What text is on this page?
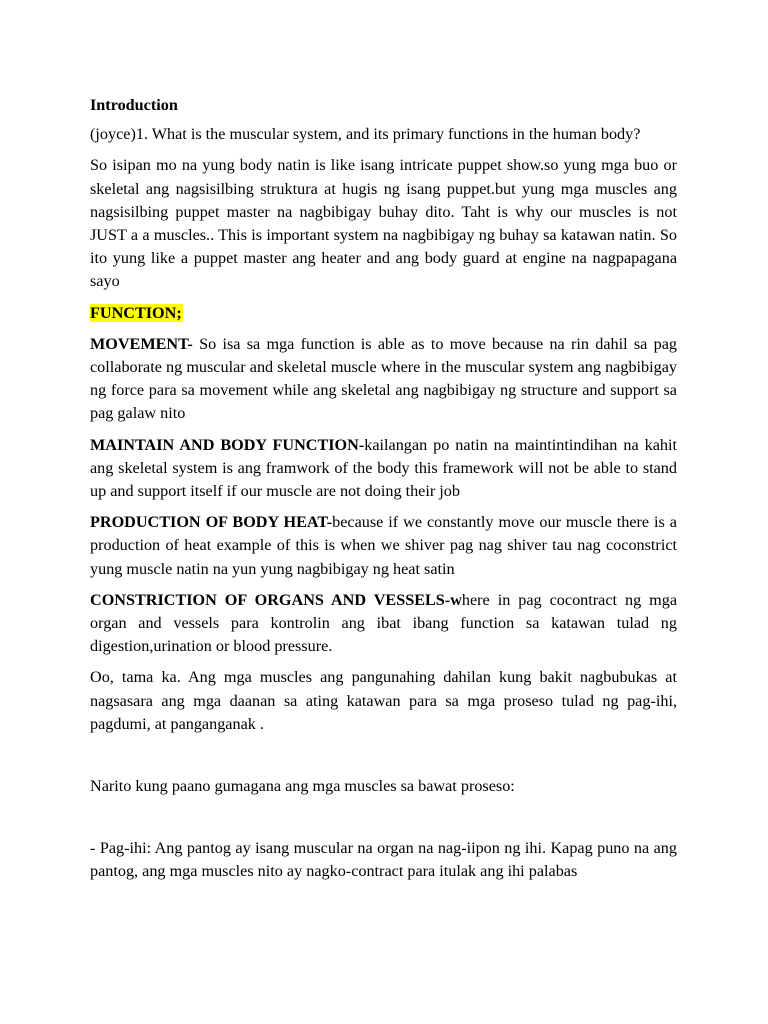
Introduction

(joyce)1. What is the muscular system, and its primary functions in the human body?

So isipan mo na yung body natin is like isang intricate puppet show.so yung mga buo or skeletal ang nagsisilbing struktura at hugis ng isang puppet.but yung mga muscles ang nagsisilbing puppet master na nagbibigay buhay dito. Taht is why our muscles is not JUST a a muscles.. This is important system na nagbibigay ng buhay sa katawan natin. So ito yung like a puppet master ang heater and ang body guard at engine na nagpapagana sayo

FUNCTION;

MOVEMENT- So isa sa mga function is able as to move because na rin dahil sa pag collaborate ng muscular and skeletal muscle where in the muscular system ang nagbibigay ng force para sa movement while ang skeletal ang nagbibigay ng structure and support sa pag galaw nito

MAINTAIN AND BODY FUNCTION-kailangan po natin na maintintindihan na kahit ang skeletal system is ang framwork of the body this framework will not be able to stand up and support itself if our muscle are not doing their job

PRODUCTION OF BODY HEAT-because if we constantly move our muscle there is a production of heat example of this is when we shiver pag nag shiver tau nag coconstrict yung muscle natin na yun yung nagbibigay ng heat satin

CONSTRICTION OF ORGANS AND VESSELS-where in pag cocontract ng mga organ and vessels para kontrolin ang ibat ibang function sa katawan tulad ng digestion,urination or blood pressure.

Oo, tama ka. Ang mga muscles ang pangunahing dahilan kung bakit nagbubukas at nagsasara ang mga daanan sa ating katawan para sa mga proseso tulad ng pag-ihi, pagdumi, at panganganak .

Narito kung paano gumagana ang mga muscles sa bawat proseso:

- Pag-ihi: Ang pantog ay isang muscular na organ na nag-iipon ng ihi. Kapag puno na ang pantog, ang mga muscles nito ay nagko-contract para itulak ang ihi palabas
